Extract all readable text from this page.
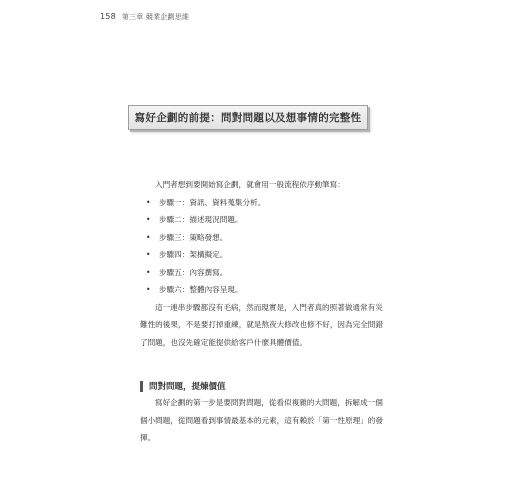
158 第三章 競業企劃思維
寫好企劃的前提：問對問題以及想事情的完整性

入門者想到要開始寫企劃，就會用一般流程依序動筆寫：

•	步驟一：資訊、資料蒐集分析。
•	步驟二：描述現況問題。
•	步驟三：策略發想。
•	步驟四：架構擬定。
•	步驟五：內容撰寫。
•	步驟六：整體內容呈現。

這一連串步驟都沒有毛病，然而現實是，入門者真的照著做通常有災難性的後果，不是要打掉重練，就是熬夜大修改也修不好，因為完全問錯了問題，也沒先確定能提供給客戶什麼具體價值。

問對問題，提煉價值

寫好企劃的第一步是要問對問題，從看似複雜的大問題，拆解成一個個小問題，從問題看到事情最基本的元素，這有賴於「第一性原理」的發揮。
